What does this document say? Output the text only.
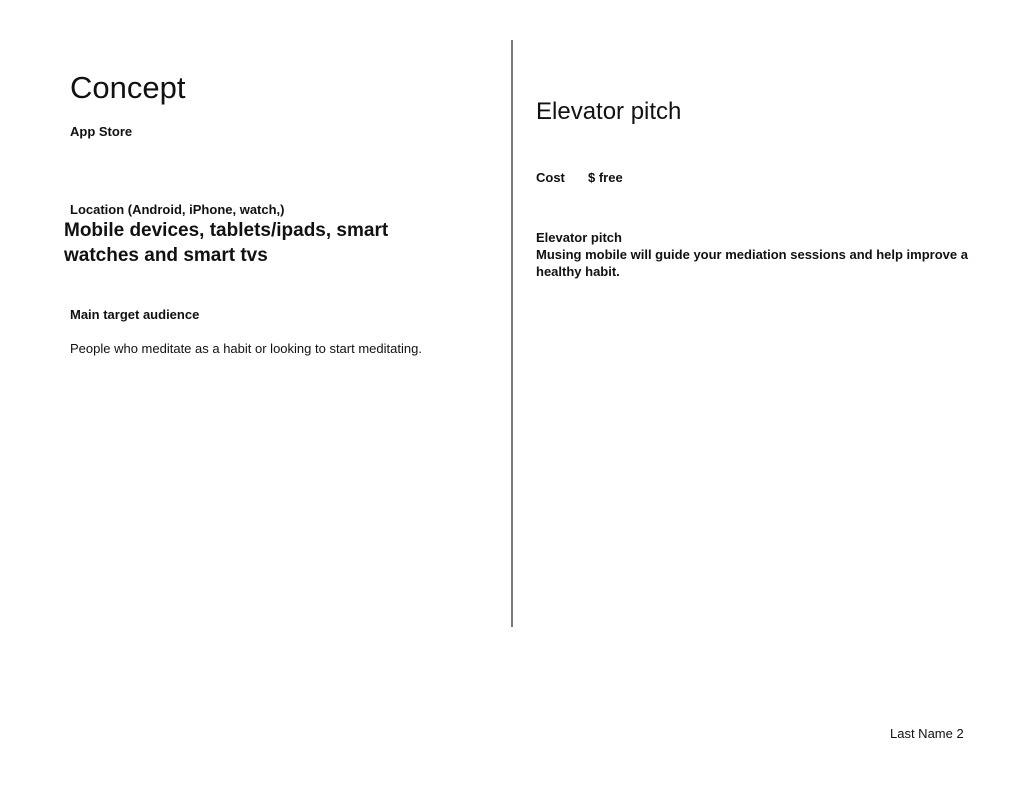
Concept
App Store
Location (Android, iPhone, watch,)
Mobile devices, tablets/ipads, smart
watches and smart tvs
Main target audience
People who meditate as a habit or looking to start meditating.
Elevator pitch
Cost $ free
Elevator pitch
Musing mobile will guide your mediation sessions and help improve a
healthy habit.
Last Name 2
